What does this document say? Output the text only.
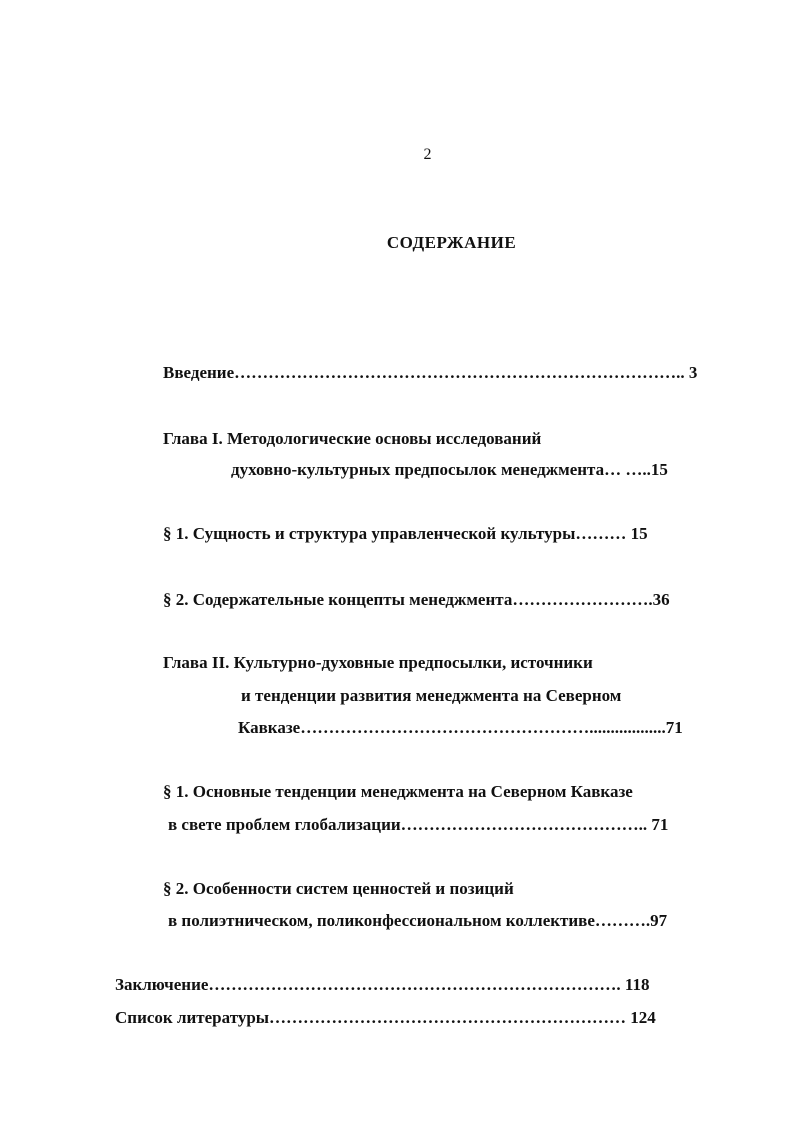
2
СОДЕРЖАНИЕ
Введение…………………………………………………………………….. 3
Глава I. Методологические основы исследований
духовно-культурных предпосылок менеджмента… …..15
§ 1. Сущность и структура управленческой культуры……… 15
§ 2. Содержательные концепты менеджмента…………………….36
Глава II. Культурно-духовные предпосылки, источники
и тенденции развития менеджмента на Северном
Кавказе……………………………………………..................71
§ 1. Основные тенденции менеджмента на Северном Кавказе
в свете проблем глобализации…………………………………….. 71
§ 2. Особенности систем ценностей и позиций
в полиэтническом, поликонфессиональном коллективе……….97
Заключение………………………………………………………………. 118
Список литературы……………………………………………………… 124
